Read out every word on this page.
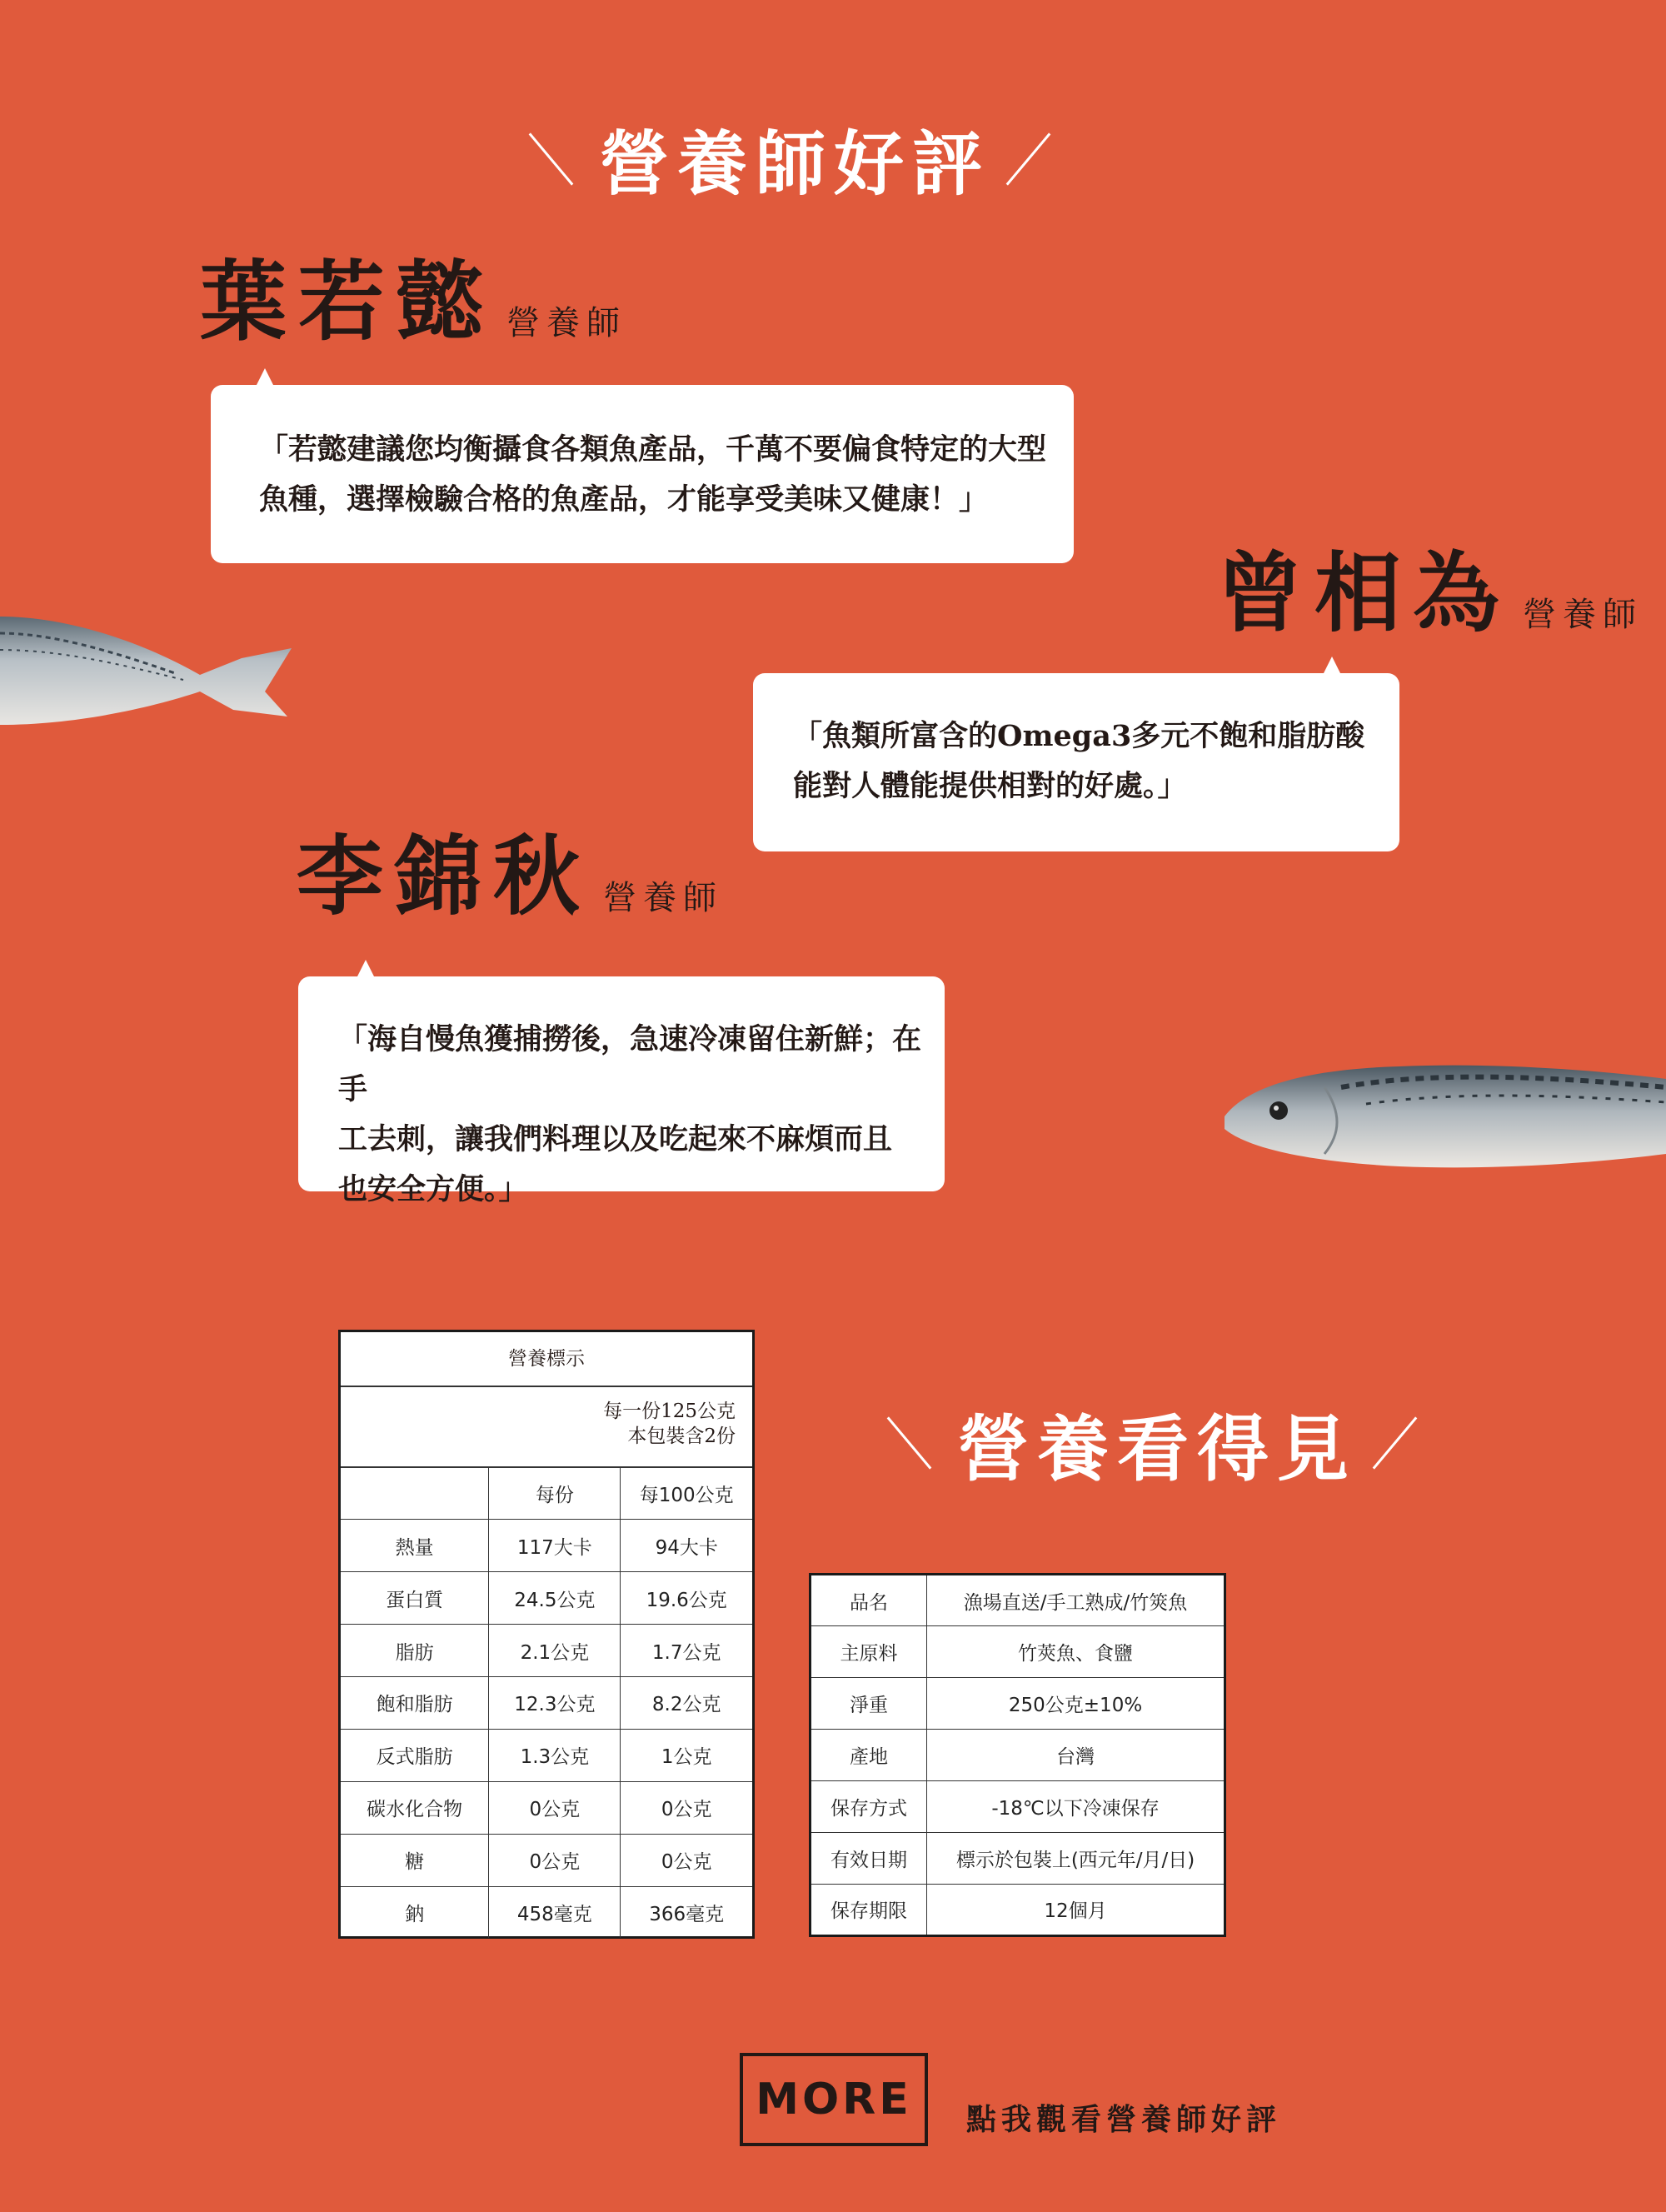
營養師好評
葉若懿 營養師

「若懿建議您均衡攝食各類魚產品，千萬不要偏食特定的大型
魚種，選擇檢驗合格的魚產品，才能享受美味又健康！」

曾相為 營養師

「魚類所富含的Omega3多元不飽和脂肪酸
能對人體能提供相對的好處。」

李錦秋 營養師

「海自慢魚獲捕撈後，急速冷凍留住新鮮；在手
工去刺，讓我們料理以及吃起來不麻煩而且
也安全方便。」

營養看得見
營養標示
每一份125公克
本包裝含2份
	每份	每100公克
熱量	117大卡	94大卡
蛋白質	24.5公克	19.6公克
脂肪	2.1公克	1.7公克
飽和脂肪	12.3公克	8.2公克
反式脂肪	1.3公克	1公克
碳水化合物	0公克	0公克
糖	0公克	0公克
鈉	458毫克	366毫克
品名	漁場直送/手工熟成/竹筴魚
主原料	竹莢魚、食鹽
淨重	250公克±10%
產地	台灣
保存方式	-18℃以下冷凍保存
有效日期	標示於包裝上(西元年/月/日)
保存期限	12個月
MORE 點我觀看營養師好評
